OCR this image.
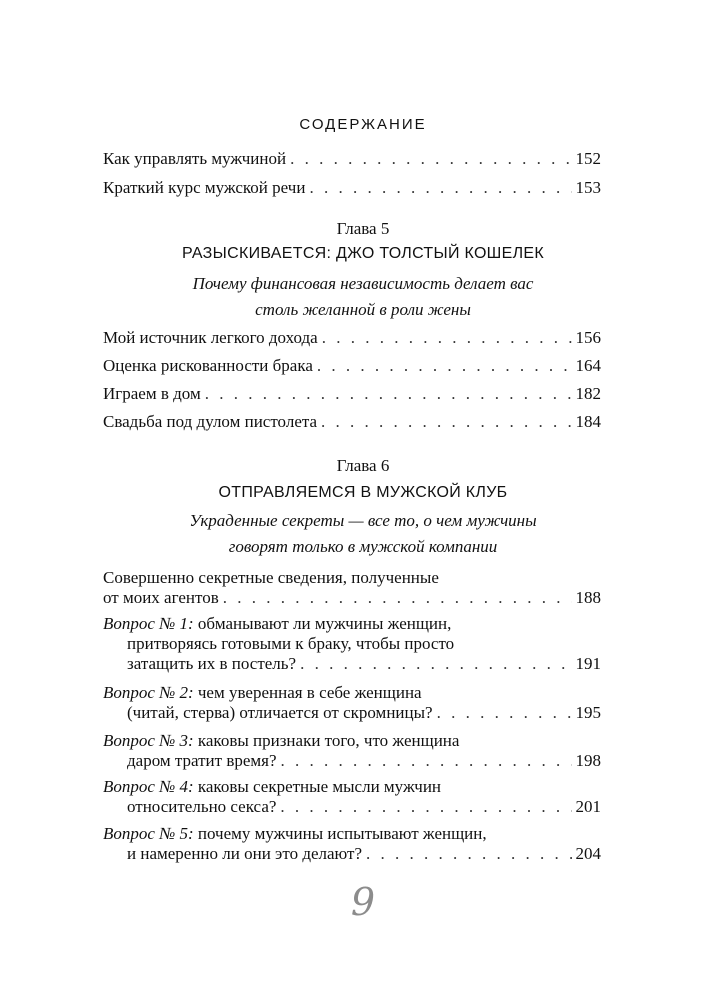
СОДЕРЖАНИЕ
Как управлять мужчиной . . .	152
Краткий курс мужской речи . . .	153
Глава 5
РАЗЫСКИВАЕТСЯ: ДЖО ТОЛСТЫЙ КОШЕЛЕК
Почему финансовая независимость делает вас
столь желанной в роли жены
Мой источник легкого дохода . . .	156
Оценка рискованности брака . . .	164
Играем в дом . . .	182
Свадьба под дулом пистолета . . .	184
Глава 6
ОТПРАВЛЯЕМСЯ В МУЖСКОЙ КЛУБ
Украденные секреты — все то, о чем мужчины
говорят только в мужской компании
Совершенно секретные сведения, полученные
от моих агентов . . .	188
Вопрос № 1: обманывают ли мужчины женщин,
притворяясь готовыми к браку, чтобы просто
затащить их в постель? . . .	191
Вопрос № 2: чем уверенная в себе женщина
(читай, стерва) отличается от скромницы? . . .	195
Вопрос № 3: каковы признаки того, что женщина
даром тратит время? . . .	198
Вопрос № 4: каковы секретные мысли мужчин
относительно секса? . . .	201
Вопрос № 5: почему мужчины испытывают женщин,
и намеренно ли они это делают? . . .	204
9
